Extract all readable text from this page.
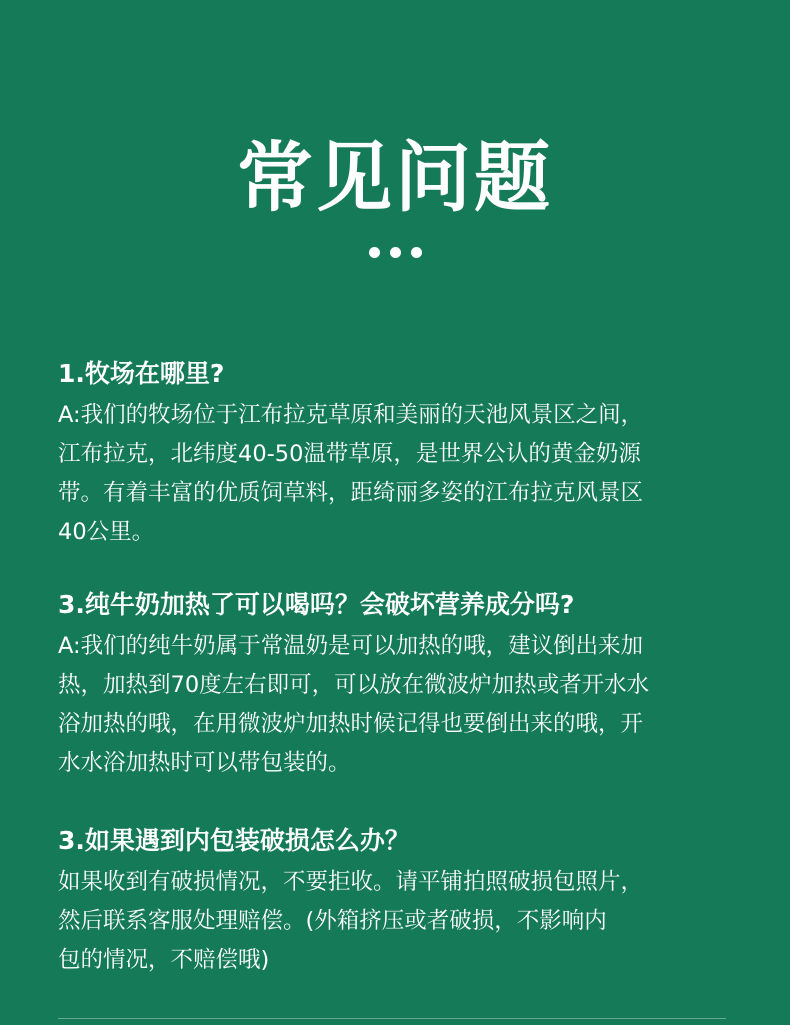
常见问题
1.牧场在哪里?
A:我们的牧场位于江布拉克草原和美丽的天池风景区之间，
江布拉克，北纬度40-50温带草原，是世界公认的黄金奶源
带。有着丰富的优质饲草料，距绮丽多姿的江布拉克风景区
40公里。
3.纯牛奶加热了可以喝吗？会破坏营养成分吗?
A:我们的纯牛奶属于常温奶是可以加热的哦，建议倒出来加
热，加热到70度左右即可，可以放在微波炉加热或者开水水
浴加热的哦，在用微波炉加热时候记得也要倒出来的哦，开
水水浴加热时可以带包装的。
3.如果遇到内包装破损怎么办？
如果收到有破损情况，不要拒收。请平铺拍照破损包照片，
然后联系客服处理赔偿。(外箱挤压或者破损，不影响内
包的情况，不赔偿哦)
